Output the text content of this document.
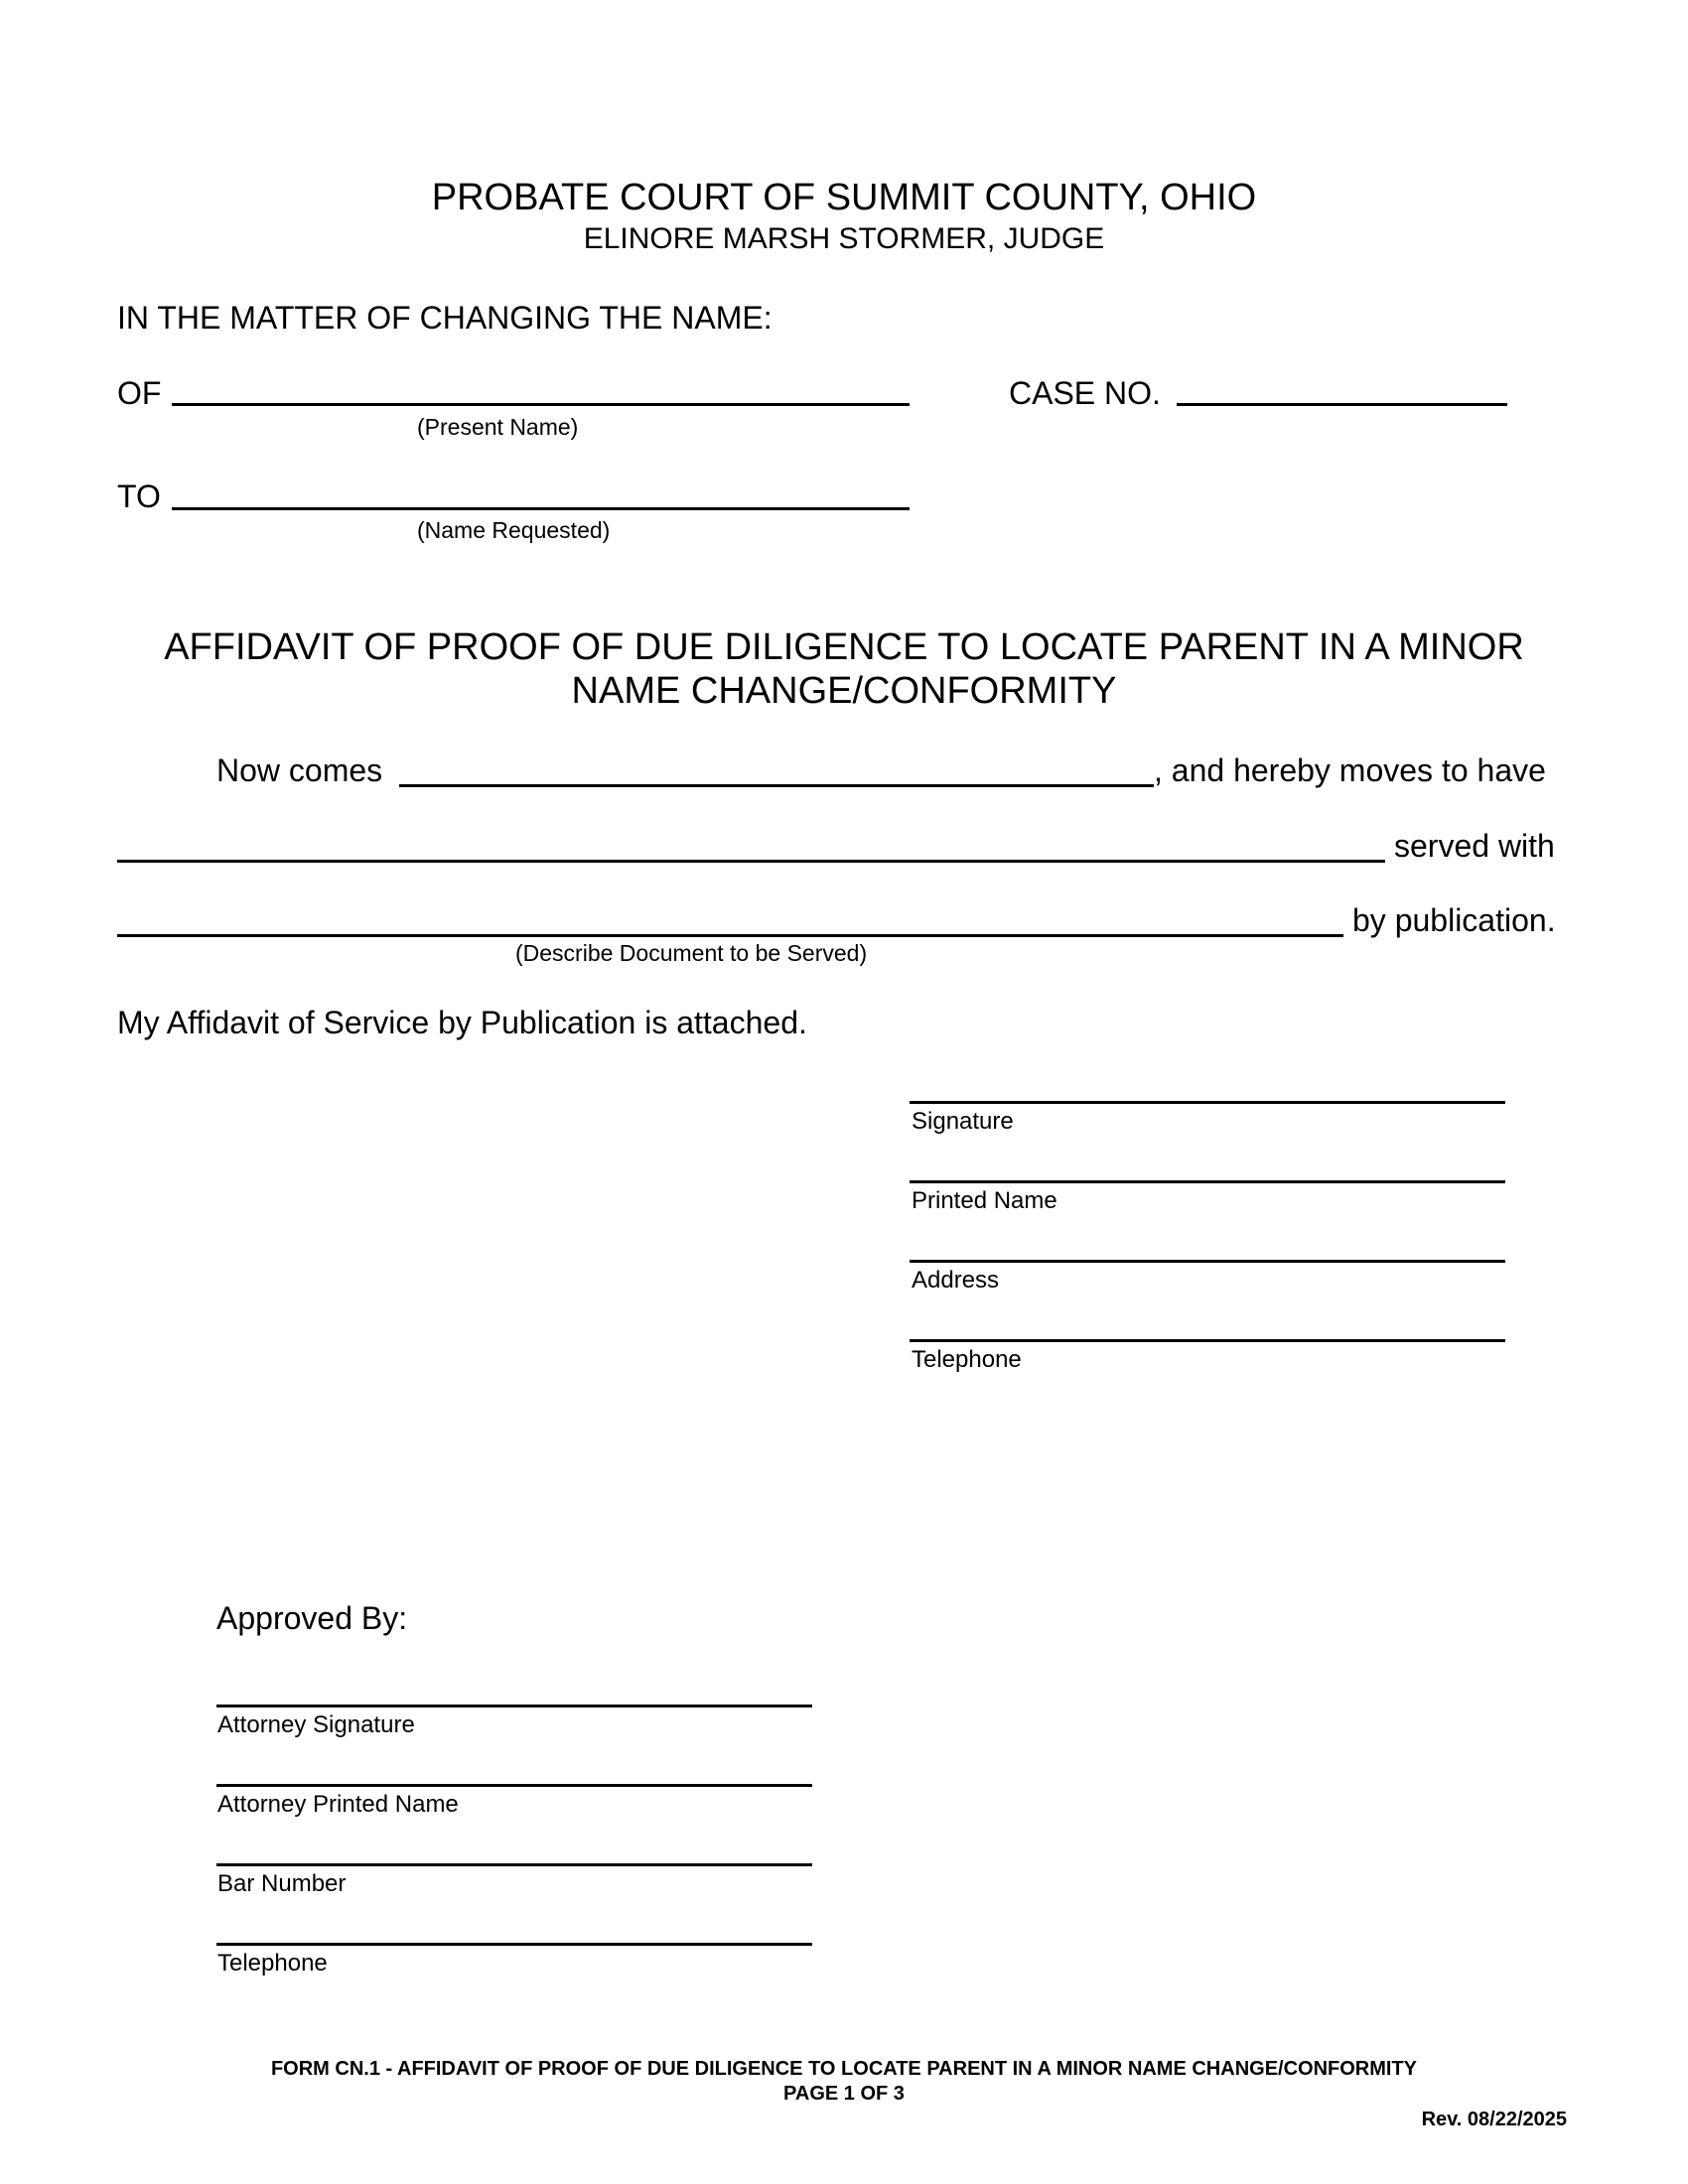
PROBATE COURT OF SUMMIT COUNTY, OHIO
ELINORE MARSH STORMER, JUDGE
IN THE MATTER OF CHANGING THE NAME:
OF
(Present Name)
CASE NO.
TO
(Name Requested)
AFFIDAVIT OF PROOF OF DUE DILIGENCE TO LOCATE PARENT IN A MINOR
NAME CHANGE/CONFORMITY
Now comes	, and hereby moves to have
served with
by publication.
(Describe Document to be Served)
My Affidavit of Service by Publication is attached.
Signature
Printed Name
Address
Telephone
Approved By:
Attorney Signature
Attorney Printed Name
Bar Number
Telephone
FORM CN.1 - AFFIDAVIT OF PROOF OF DUE DILIGENCE TO LOCATE PARENT IN A MINOR NAME CHANGE/CONFORMITY
PAGE 1 OF 3
Rev. 08/22/2025
